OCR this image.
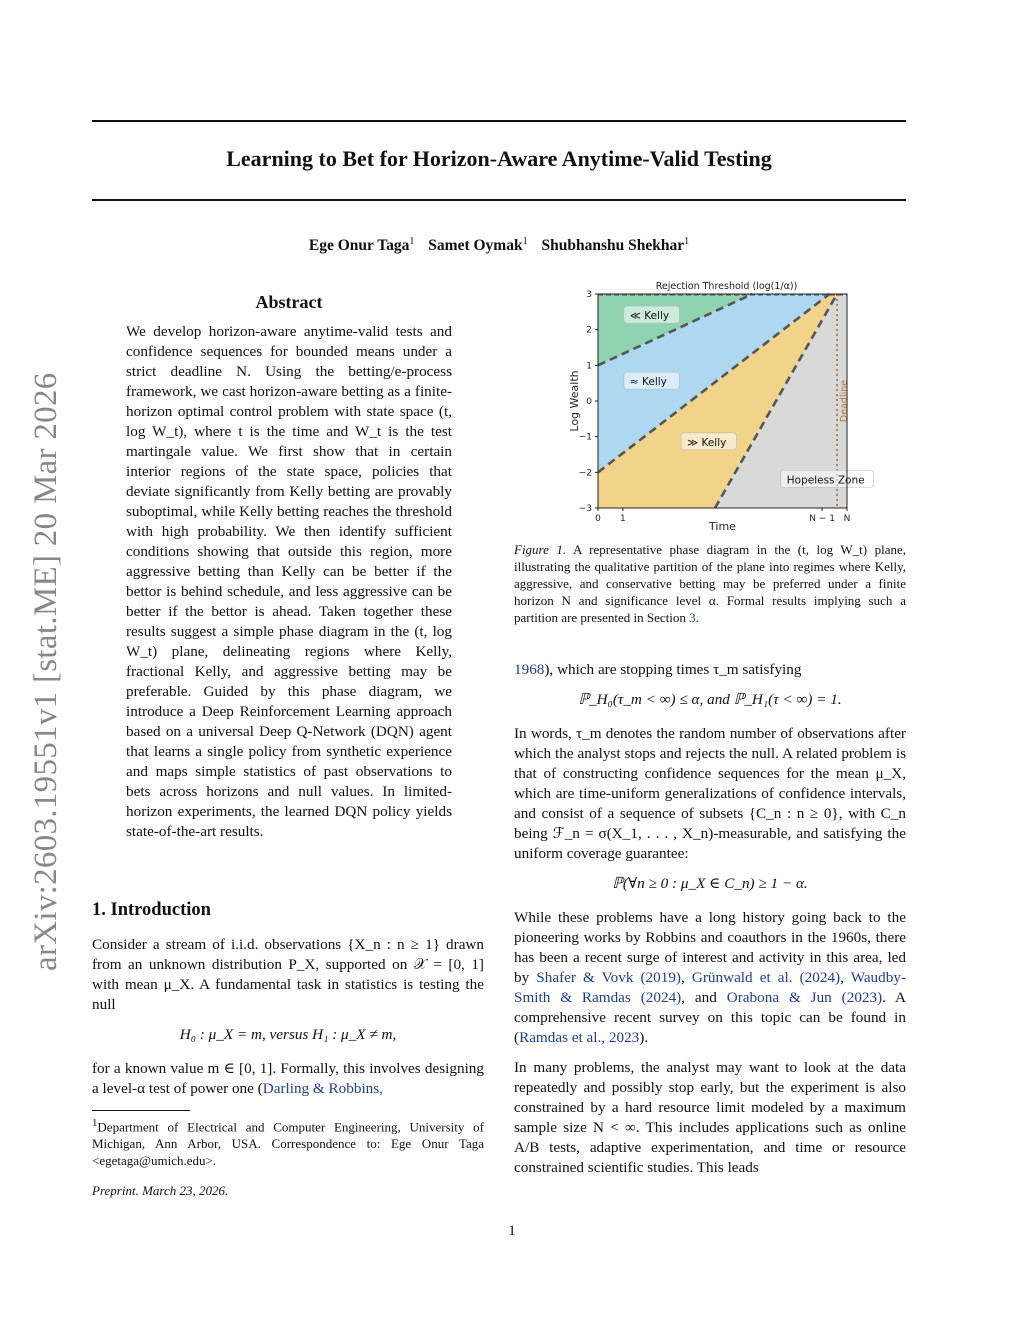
Learning to Bet for Horizon-Aware Anytime-Valid Testing
Ege Onur Taga$^1$ Samet Oymak$^1$ Shubhanshu Shekhar$^1$
arXiv:2603.19551v1 [stat.ME] 20 Mar 2026
Abstract

We develop horizon-aware anytime-valid tests and confidence sequences for bounded means under a strict deadline N. Using the betting/e-process framework, we cast horizon-aware betting as a finite-horizon optimal control problem with state space (t, log W_t), where t is the time and W_t is the test martingale value. We first show that in certain interior regions of the state space, policies that deviate significantly from Kelly betting are provably suboptimal, while Kelly betting reaches the threshold with high probability. We then identify sufficient conditions showing that outside this region, more aggressive betting than Kelly can be better if the bettor is behind schedule, and less aggressive can be better if the bettor is ahead. Taken together these results suggest a simple phase diagram in the (t, log W_t) plane, delineating regions where Kelly, fractional Kelly, and aggressive betting may be preferable. Guided by this phase diagram, we introduce a Deep Reinforcement Learning approach based on a universal Deep Q-Network (DQN) agent that learns a single policy from synthetic experience and maps simple statistics of past observations to bets across horizons and null values. In limited-horizon experiments, the learned DQN policy yields state-of-the-art results.

1. Introduction

Consider a stream of i.i.d. observations {X_n : n ≥ 1} drawn from an unknown distribution P_X, supported on 𝒳 = [0, 1] with mean μ_X. A fundamental task in statistics is testing the null

H₀ : μ_X = m, versus H₁ : μ_X ≠ m,

for a known value m ∈ [0, 1]. Formally, this involves designing a level-α test of power one (Darling & Robbins,

$^1$Department of Electrical and Computer Engineering, University of Michigan, Ann Arbor, USA. Correspondence to: Ege Onur Taga <egetaga@umich.edu>.
Preprint. March 23, 2026.
Rejection Threshold (log(1/α))
Deadline
≪ Kelly
≈ Kelly
≫ Kelly
Hopeless Zone
−3
−2
−1
0
1
2
3
0 1	N − 1 N
Time
Log Wealth
Figure 1. A representative phase diagram in the (t, log W_t) plane, illustrating the qualitative partition of the plane into regimes where Kelly, aggressive, and conservative betting may be preferred under a finite horizon N and significance level α. Formal results implying such a partition are presented in Section 3.

1968), which are stopping times τ_m satisfying

ℙ_H₀(τ_m < ∞) ≤ α, and ℙ_H₁(τ < ∞) = 1.

In words, τ_m denotes the random number of observations after which the analyst stops and rejects the null. A related problem is that of constructing confidence sequences for the mean μ_X, which are time-uniform generalizations of confidence intervals, and consist of a sequence of subsets {C_n : n ≥ 0}, with C_n being ℱ_n = σ(X_1, . . . , X_n)-measurable, and satisfying the uniform coverage guarantee:

ℙ(∀n ≥ 0 : μ_X ∈ C_n) ≥ 1 − α.

While these problems have a long history going back to the pioneering works by Robbins and coauthors in the 1960s, there has been a recent surge of interest and activity in this area, led by Shafer & Vovk (2019), Grünwald et al. (2024), Waudby-Smith & Ramdas (2024), and Orabona & Jun (2023). A comprehensive recent survey on this topic can be found in (Ramdas et al., 2023).

In many problems, the analyst may want to look at the data repeatedly and possibly stop early, but the experiment is also constrained by a hard resource limit modeled by a maximum sample size N < ∞. This includes applications such as online A/B tests, adaptive experimentation, and time or resource constrained scientific studies. This leads

1
